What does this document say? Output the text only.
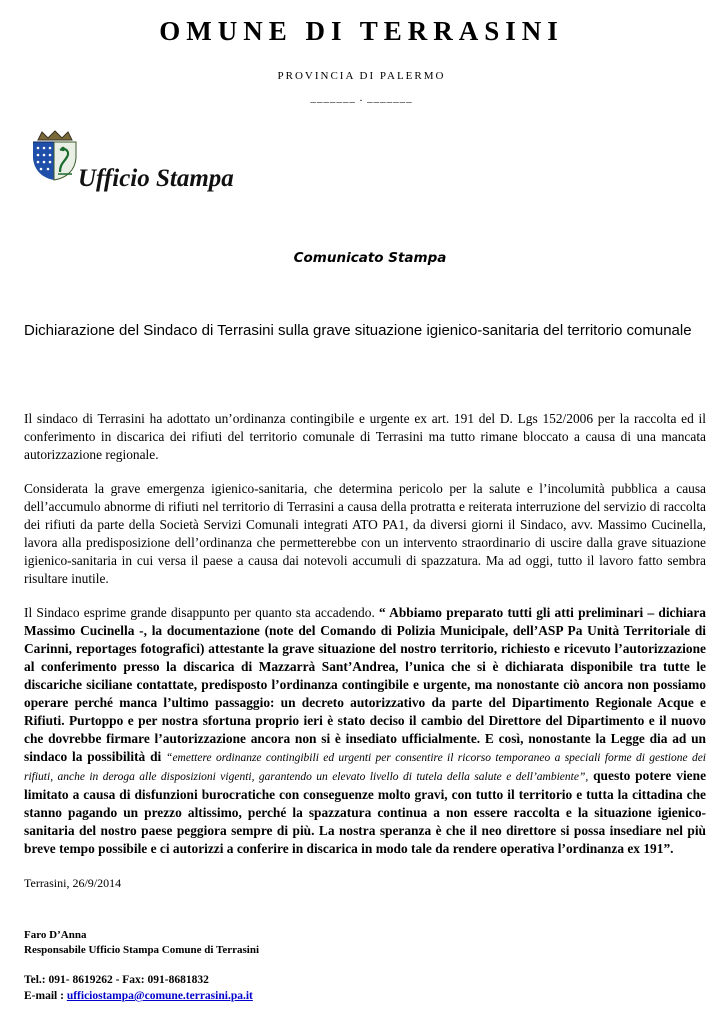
OMUNE DI TERRASINI
PROVINCIA DI PALERMO
_______ . _______
Ufficio Stampa
Comunicato Stampa
Dichiarazione del Sindaco di Terrasini sulla grave situazione igienico-sanitaria del territorio comunale

Il sindaco di Terrasini ha adottato un’ordinanza contingibile e urgente ex art. 191 del D. Lgs 152/2006 per la raccolta ed il conferimento in discarica dei rifiuti del territorio comunale di Terrasini ma tutto rimane bloccato a causa di una mancata autorizzazione regionale.

Considerata la grave emergenza igienico-sanitaria, che determina pericolo per la salute e l’incolumità pubblica a causa dell’accumulo abnorme di rifiuti nel territorio di Terrasini a causa della protratta e reiterata interruzione del servizio di raccolta dei rifiuti da parte della Società Servizi Comunali integrati ATO PA1, da diversi giorni il Sindaco, avv. Massimo Cucinella, lavora alla predisposizione dell’ordinanza che permetterebbe con un intervento straordinario di uscire dalla grave situazione igienico-sanitaria in cui versa il paese a causa dai notevoli accumuli di spazzatura. Ma ad oggi, tutto il lavoro fatto sembra risultare inutile.

Il Sindaco esprime grande disappunto per quanto sta accadendo. “ Abbiamo preparato tutti gli atti preliminari – dichiara Massimo Cucinella -, la documentazione (note del Comando di Polizia Municipale, dell’ASP Pa Unità Territoriale di Carinni, reportages fotografici) attestante la grave situazione del nostro territorio, richiesto e ricevuto l’autorizzazione al conferimento presso la discarica di Mazzarrà Sant’Andrea, l’unica che si è dichiarata disponibile tra tutte le discariche siciliane contattate, predisposto l’ordinanza contingibile e urgente, ma nonostante ciò ancora non possiamo operare perché manca l’ultimo passaggio: un decreto autorizzativo da parte del Dipartimento Regionale Acque e Rifiuti. Purtoppo e per nostra sfortuna proprio ieri è stato deciso il cambio del Direttore del Dipartimento e il nuovo che dovrebbe firmare l’autorizzazione ancora non si è insediato ufficialmente. E così, nonostante la Legge dia ad un sindaco la possibilità di “emettere ordinanze contingibili ed urgenti per consentire il ricorso temporaneo a speciali forme di gestione dei rifiuti, anche in deroga alle disposizioni vigenti, garantendo un elevato livello di tutela della salute e dell’ambiente”, questo potere viene limitato a causa di disfunzioni burocratiche con conseguenze molto gravi, con tutto il territorio e tutta la cittadina che stanno pagando un prezzo altissimo, perché la spazzatura continua a non essere raccolta e la situazione igienico-sanitaria del nostro paese peggiora sempre di più. La nostra speranza è che il neo direttore si possa insediare nel più breve tempo possibile e ci autorizzi a conferire in discarica in modo tale da rendere operativa l’ordinanza ex 191”.

Terrasini, 26/9/2014
Faro D’Anna
Responsabile Ufficio Stampa Comune di Terrasini
Tel.: 091- 8619262 - Fax: 091-8681832
E-mail : ufficiostampa@comune.terrasini.pa.it
